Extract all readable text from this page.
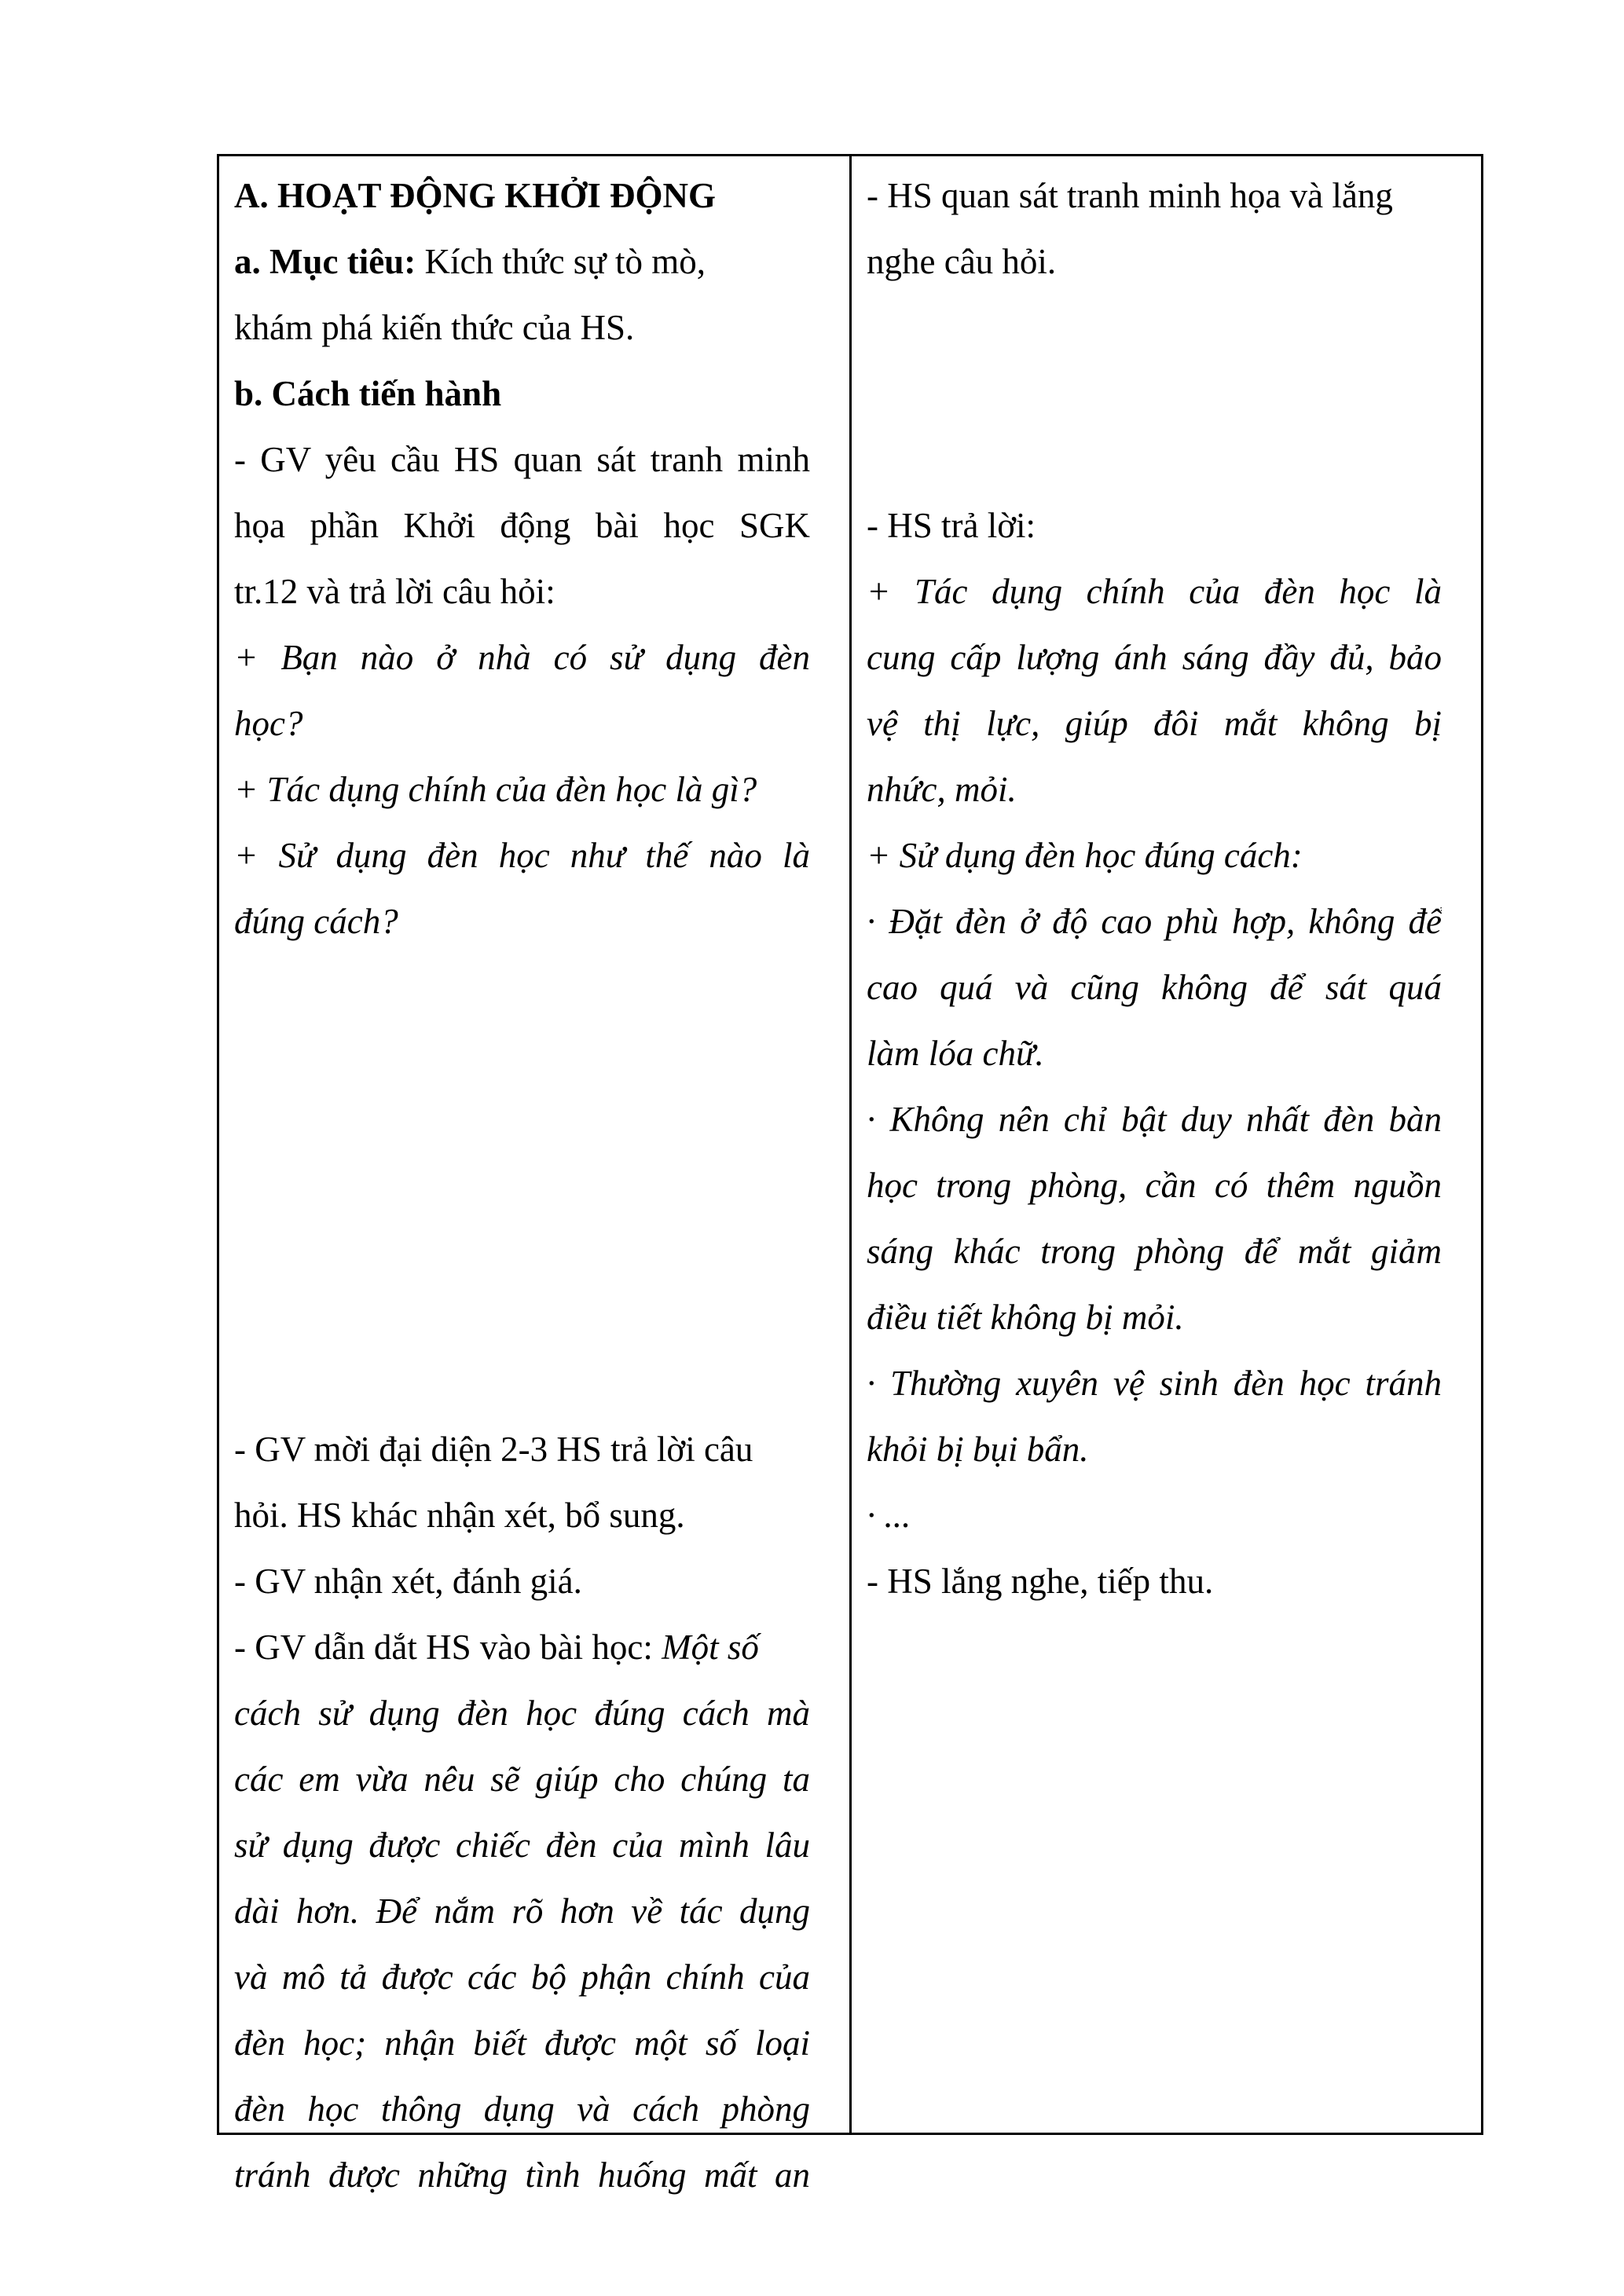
A. HOẠT ĐỘNG KHỞI ĐỘNG
a. Mục tiêu: Kích thức sự tò mò,
khám phá kiến thức của HS.
b. Cách tiến hành
- GV yêu cầu HS quan sát tranh minh
họa phần Khởi động bài học SGK
tr.12 và trả lời câu hỏi:
+ Bạn nào ở nhà có sử dụng đèn
học?
+ Tác dụng chính của đèn học là gì?
+ Sử dụng đèn học như thế nào là
đúng cách?
- GV mời đại diện 2-3 HS trả lời câu
hỏi. HS khác nhận xét, bổ sung.
- GV nhận xét, đánh giá.
- GV dẫn dắt HS vào bài học: Một số
cách sử dụng đèn học đúng cách mà
các em vừa nêu sẽ giúp cho chúng ta
sử dụng được chiếc đèn của mình lâu
dài hơn. Để nắm rõ hơn về tác dụng
và mô tả được các bộ phận chính của
đèn học; nhận biết được một số loại
đèn học thông dụng và cách phòng
tránh được những tình huống mất an
- HS quan sát tranh minh họa và lắng
nghe câu hỏi.
- HS trả lời:
+ Tác dụng chính của đèn học là
cung cấp lượng ánh sáng đầy đủ, bảo
vệ thị lực, giúp đôi mắt không bị
nhức, mỏi.
+ Sử dụng đèn học đúng cách:
· Đặt đèn ở độ cao phù hợp, không để
cao quá và cũng không để sát quá
làm lóa chữ.
· Không nên chỉ bật duy nhất đèn bàn
học trong phòng, cần có thêm nguồn
sáng khác trong phòng để mắt giảm
điều tiết không bị mỏi.
· Thường xuyên vệ sinh đèn học tránh
khỏi bị bụi bẩn.
· ...
- HS lắng nghe, tiếp thu.
